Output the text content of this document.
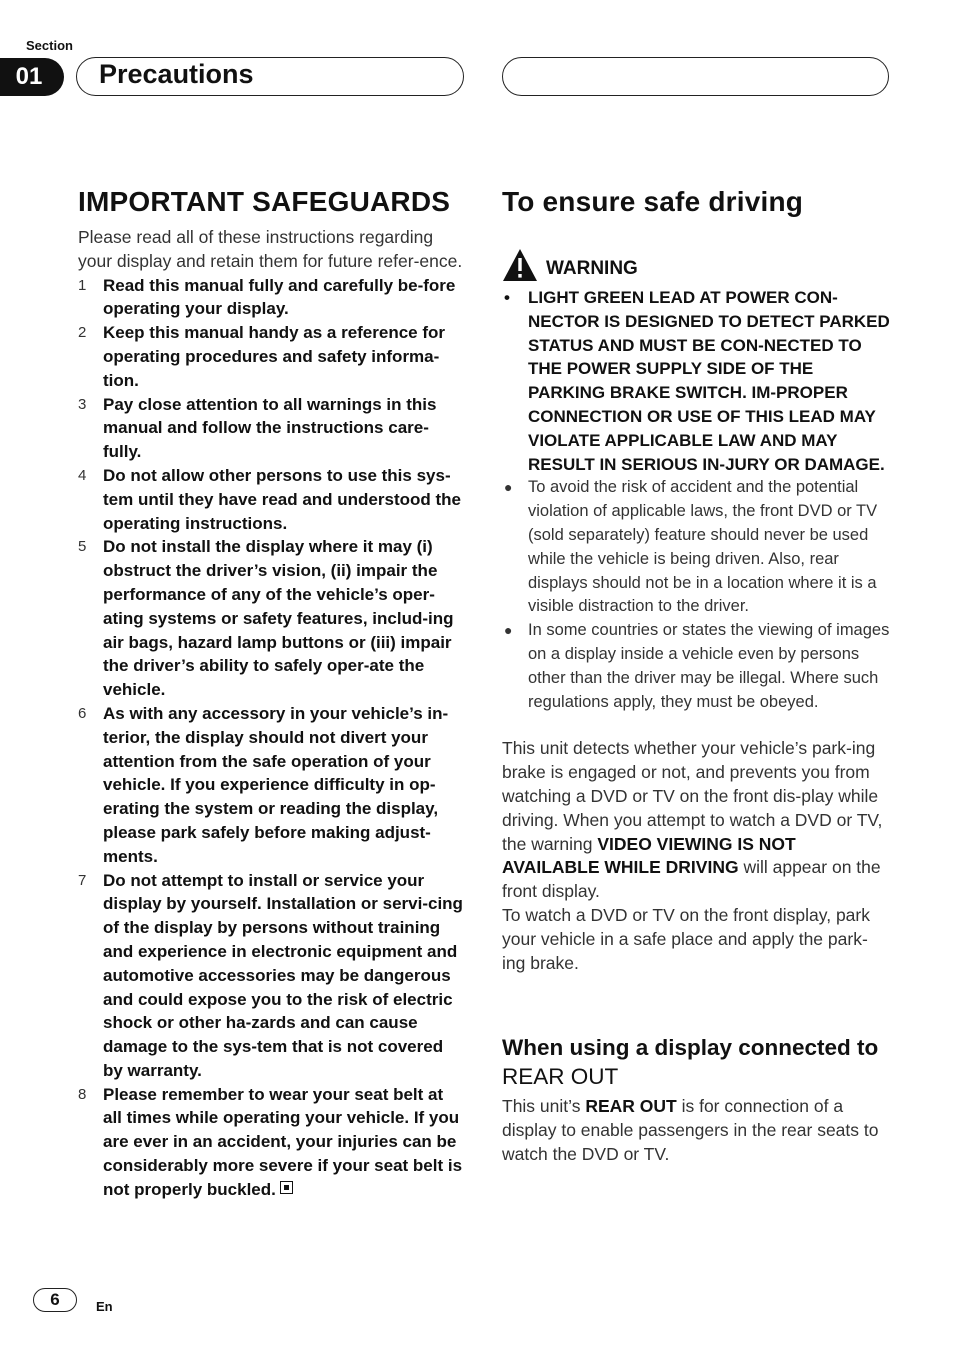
Section
01	Precautions
IMPORTANT SAFEGUARDS

Please read all of these instructions regarding your display and retain them for future refer-ence.

1 Read this manual fully and carefully be-fore operating your display.
2 Keep this manual handy as a reference for operating procedures and safety informa-tion.
3 Pay close attention to all warnings in this manual and follow the instructions care-fully.
4 Do not allow other persons to use this sys-tem until they have read and understood the operating instructions.
5 Do not install the display where it may (i) obstruct the driver’s vision, (ii) impair the performance of any of the vehicle’s oper-ating systems or safety features, includ-ing air bags, hazard lamp buttons or (iii) impair the driver’s ability to safely oper-ate the vehicle.
6 As with any accessory in your vehicle’s in-terior, the display should not divert your attention from the safe operation of your vehicle. If you experience difficulty in op-erating the system or reading the display, please park safely before making adjust-ments.
7 Do not attempt to install or service your display by yourself. Installation or servi-cing of the display by persons without training and experience in electronic equipment and automotive accessories may be dangerous and could expose you to the risk of electric shock or other ha-zards and can cause damage to the sys-tem that is not covered by warranty.
8 Please remember to wear your seat belt at all times while operating your vehicle. If you are ever in an accident, your injuries can be considerably more severe if your seat belt is not properly buckled.
To ensure safe driving
WARNING
• LIGHT GREEN LEAD AT POWER CON-NECTOR IS DESIGNED TO DETECT PARKED STATUS AND MUST BE CON-NECTED TO THE POWER SUPPLY SIDE OF THE PARKING BRAKE SWITCH. IM-PROPER CONNECTION OR USE OF THIS LEAD MAY VIOLATE APPLICABLE LAW AND MAY RESULT IN SERIOUS IN-JURY OR DAMAGE.
● To avoid the risk of accident and the potential violation of applicable laws, the front DVD or TV (sold separately) feature should never be used while the vehicle is being driven. Also, rear displays should not be in a location where it is a visible distraction to the driver.
● In some countries or states the viewing of images on a display inside a vehicle even by persons other than the driver may be illegal. Where such regulations apply, they must be obeyed.

This unit detects whether your vehicle’s park-ing brake is engaged or not, and prevents you from watching a DVD or TV on the front dis-play while driving. When you attempt to watch a DVD or TV, the warning VIDEO VIEWING IS NOT AVAILABLE WHILE DRIVING will appear on the front display.

To watch a DVD or TV on the front display, park your vehicle in a safe place and apply the park-ing brake.

When using a display connected to REAR OUT

This unit’s REAR OUT is for connection of a display to enable passengers in the rear seats to watch the DVD or TV.

6	En
